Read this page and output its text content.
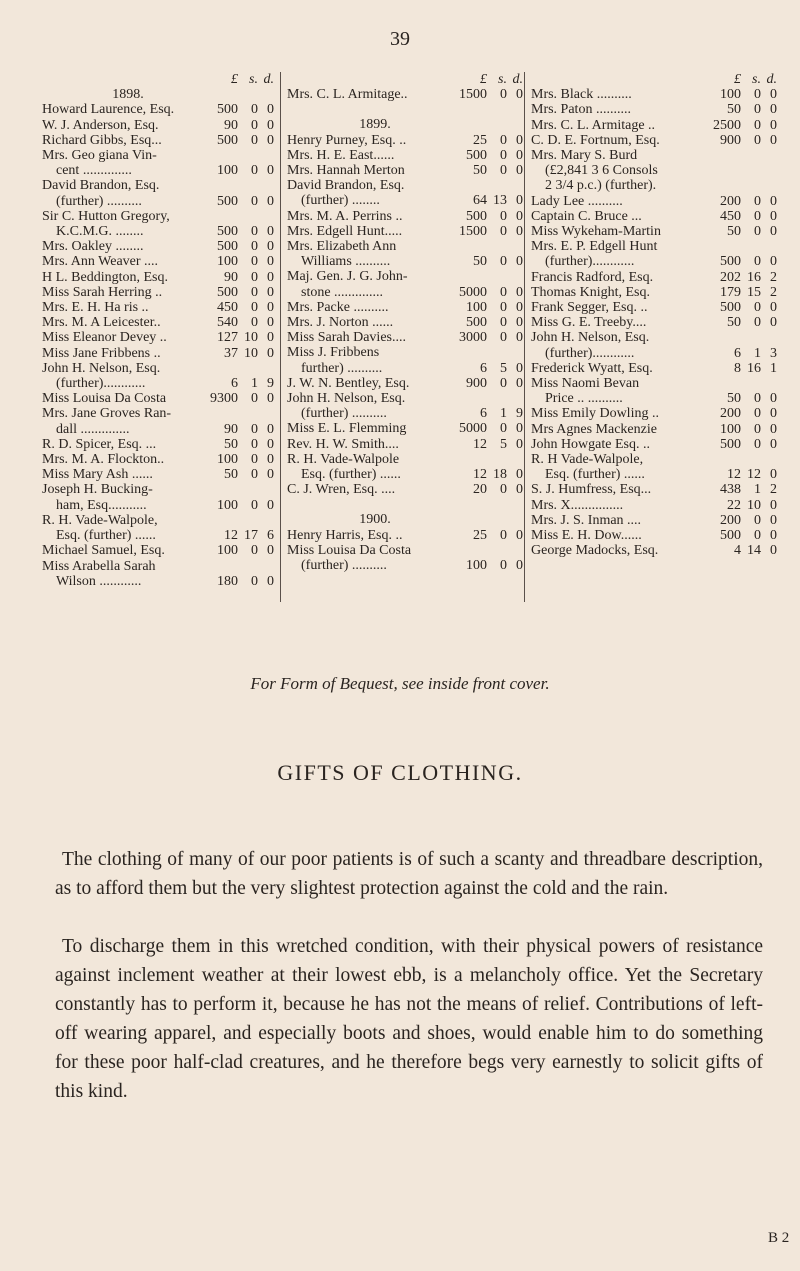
39
£ s. d.
1898.
Howard Laurence, Esq.	500 0 0
W. J. Anderson, Esq.	90 0 0
Richard Gibbs, Esq...	500 0 0
Mrs. Geo giana Vin-
cent ..............	100 0 0
David Brandon, Esq.
(further) ..........	500 0 0
Sir C. Hutton Gregory,
K.C.M.G. ........	500 0 0
Mrs. Oakley ........	500 0 0
Mrs. Ann Weaver ....	100 0 0
H L. Beddington, Esq.	90 0 0
Miss Sarah Herring ..	500 0 0
Mrs. E. H. Ha ris ..	450 0 0
Mrs. M. A Leicester..	540 0 0
Miss Eleanor Devey ..	127 10 0
Miss Jane Fribbens ..	37 10 0
John H. Nelson, Esq.
(further)............	6 1 9
Miss Louisa Da Costa	9300 0 0
Mrs. Jane Groves Ran-
dall ..............	90 0 0
R. D. Spicer, Esq. ...	50 0 0
Mrs. M. A. Flockton..	100 0 0
Miss Mary Ash ......	50 0 0
Joseph H. Bucking-
ham, Esq...........	100 0 0
R. H. Vade-Walpole,
Esq. (further) ......	12 17 6
Michael Samuel, Esq.	100 0 0
Miss Arabella Sarah
Wilson ............	180 0 0
£ s. d.
Mrs. C. L. Armitage..	1500 0 0
1899.
Henry Purney, Esq. ..	25 0 0
Mrs. H. E. East......	500 0 0
Mrs. Hannah Merton	50 0 0
David Brandon, Esq.
(further) ........	64 13 0
Mrs. M. A. Perrins ..	500 0 0
Mrs. Edgell Hunt.....	1500 0 0
Mrs. Elizabeth Ann
Williams ..........	50 0 0
Maj. Gen. J. G. John-
stone ..............	5000 0 0
Mrs. Packe ..........	100 0 0
Mrs. J. Norton ......	500 0 0
Miss Sarah Davies....	3000 0 0
Miss J. Fribbens
further) ..........	6 5 0
J. W. N. Bentley, Esq.	900 0 0
John H. Nelson, Esq.
(further) ..........	6 1 9
Miss E. L. Flemming	5000 0 0
Rev. H. W. Smith....	12 5 0
R. H. Vade-Walpole
Esq. (further) ......	12 18 0
C. J. Wren, Esq. ....	20 0 0
1900.
Henry Harris, Esq. ..	25 0 0
Miss Louisa Da Costa
(further) ..........	100 0 0
£ s. d.
Mrs. Black ..........	100 0 0
Mrs. Paton ..........	50 0 0
Mrs. C. L. Armitage ..	2500 0 0
C. D. E. Fortnum, Esq.	900 0 0
Mrs. Mary S. Burd
(£2,841 3 6 Consols
2 3/4 p.c.) (further).
Lady Lee ..........	200 0 0
Captain C. Bruce ...	450 0 0
Miss Wykeham-Martin	50 0 0
Mrs. E. P. Edgell Hunt
(further)............	500 0 0
Francis Radford, Esq.	202 16 2
Thomas Knight, Esq.	179 15 2
Frank Segger, Esq. ..	500 0 0
Miss G. E. Treeby....	50 0 0
John H. Nelson, Esq.
(further)............	6 1 3
Frederick Wyatt, Esq.	8 16 1
Miss Naomi Bevan
Price .. ..........	50 0 0
Miss Emily Dowling ..	200 0 0
Mrs Agnes Mackenzie	100 0 0
John Howgate Esq. ..	500 0 0
R. H Vade-Walpole,
Esq. (further) ......	12 12 0
S. J. Humfress, Esq...	438 1 2
Mrs. X...............	22 10 0
Mrs. J. S. Inman ....	200 0 0
Miss E. H. Dow......	500 0 0
George Madocks, Esq.	4 14 0
For Form of Bequest, see inside front cover.
GIFTS OF CLOTHING.

The clothing of many of our poor patients is of such a scanty and threadbare description, as to afford them but the very slightest protection against the cold and the rain.

To discharge them in this wretched condition, with their physical powers of resistance against inclement weather at their lowest ebb, is a melancholy office. Yet the Secretary constantly has to perform it, because he has not the means of relief. Contributions of left-off wearing apparel, and especially boots and shoes, would enable him to do something for these poor half-clad creatures, and he therefore begs very earnestly to solicit gifts of this kind.

B 2
